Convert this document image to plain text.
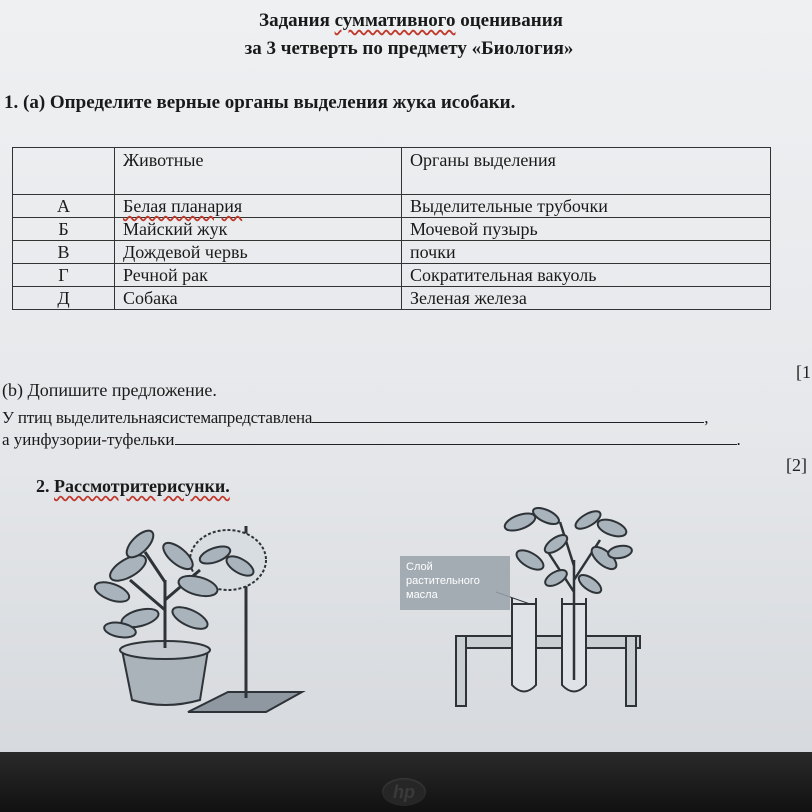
Задания суммативного оценивания
за 3 четверть по предмету «Биология»
1. (a) Определите верные органы выделения жука исобаки.
	Животные	Органы выделения
А	Белая планария	Выделительные трубочки
Б	Майский жук	Мочевой пузырь
В	Дождевой червь	почки
Г	Речной рак	Сократительная вакуоль
Д	Собака	Зеленая железа
[1
(b) Допишите предложение.
У птиц выделительнаясистемапредставлена	,
а уинфузории-туфельки	.
[2]
2. Рассмотритерисунки.
Слой
растительного
масла
hp
